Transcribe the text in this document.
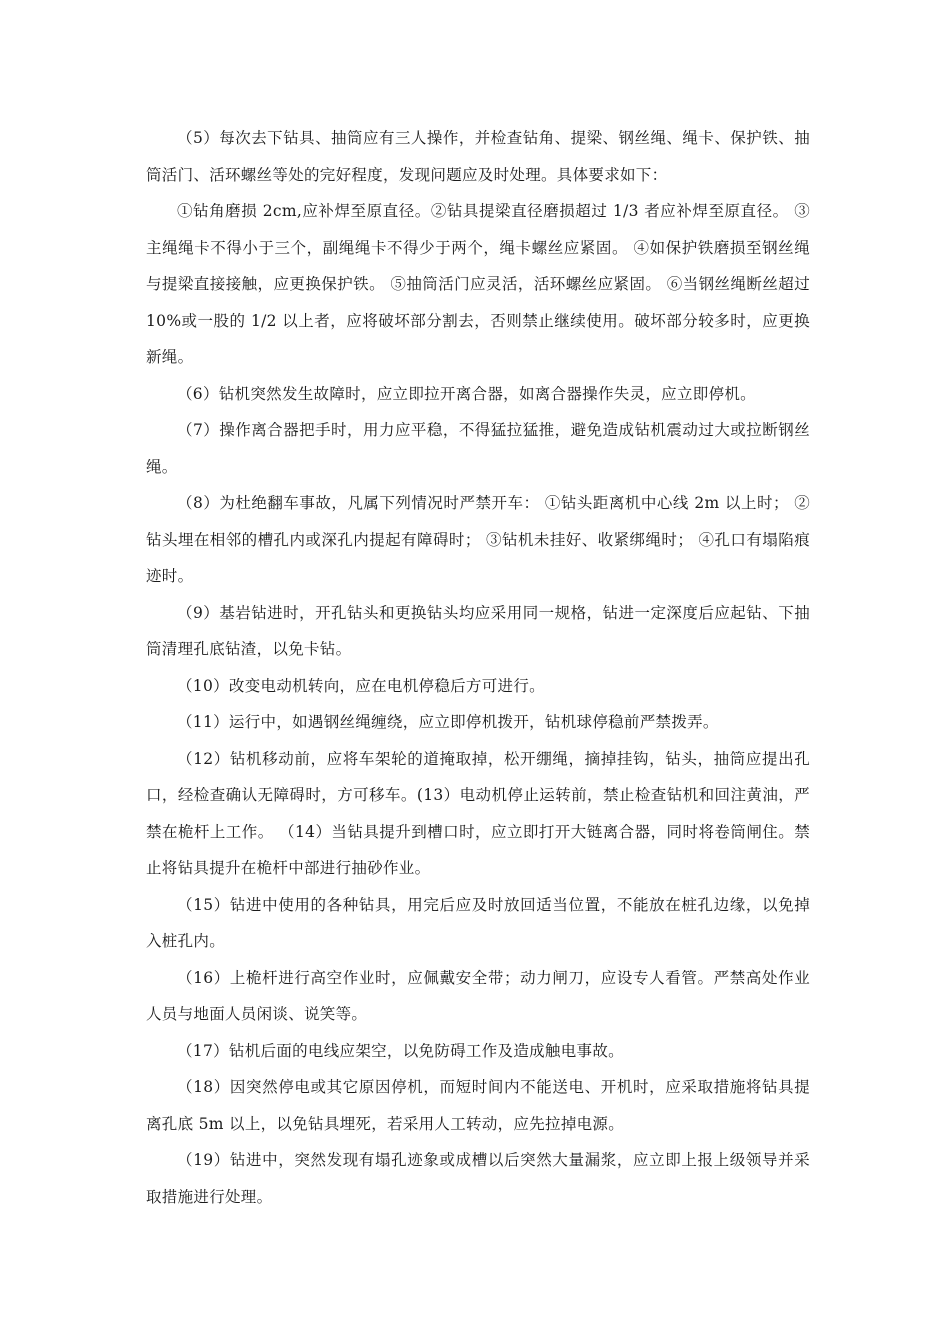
（5）每次去下钻具、抽筒应有三人操作，并检查钻角、提梁、钢丝绳、绳卡、保护铁、抽筒活门、活环螺丝等处的完好程度，发现问题应及时处理。具体要求如下：

①钻角磨损 2cm,应补焊至原直径。②钻具提梁直径磨损超过 1/3 者应补焊至原直径。 ③主绳绳卡不得小于三个，副绳绳卡不得少于两个，绳卡螺丝应紧固。 ④如保护铁磨损至钢丝绳与提梁直接接触，应更换保护铁。 ⑤抽筒活门应灵活，活环螺丝应紧固。 ⑥当钢丝绳断丝超过 10%或一股的 1/2 以上者，应将破坏部分割去，否则禁止继续使用。破坏部分较多时，应更换新绳。

（6）钻机突然发生故障时，应立即拉开离合器，如离合器操作失灵，应立即停机。

（7）操作离合器把手时，用力应平稳，不得猛拉猛推，避免造成钻机震动过大或拉断钢丝绳。

（8）为杜绝翻车事故，凡属下列情况时严禁开车： ①钻头距离机中心线 2m 以上时； ②钻头埋在相邻的槽孔内或深孔内提起有障碍时； ③钻机未挂好、收紧绑绳时； ④孔口有塌陷痕迹时。

（9）基岩钻进时，开孔钻头和更换钻头均应采用同一规格，钻进一定深度后应起钻、下抽筒清理孔底钻渣，以免卡钻。

（10）改变电动机转向，应在电机停稳后方可进行。

（11）运行中，如遇钢丝绳缠绕，应立即停机拨开，钻机球停稳前严禁拨弄。

（12）钻机移动前，应将车架轮的道掩取掉，松开绷绳，摘掉挂钩，钻头，抽筒应提出孔口，经检查确认无障碍时，方可移车。(13）电动机停止运转前，禁止检查钻机和回注黄油，严禁在桅杆上工作。 （14）当钻具提升到槽口时，应立即打开大链离合器，同时将卷筒闸住。禁止将钻具提升在桅杆中部进行抽砂作业。

（15）钻进中使用的各种钻具，用完后应及时放回适当位置，不能放在桩孔边缘，以免掉入桩孔内。

（16）上桅杆进行高空作业时，应佩戴安全带；动力闸刀，应设专人看管。严禁高处作业人员与地面人员闲谈、说笑等。

（17）钻机后面的电线应架空，以免防碍工作及造成触电事故。

（18）因突然停电或其它原因停机，而短时间内不能送电、开机时，应采取措施将钻具提离孔底 5m 以上，以免钻具埋死，若采用人工转动，应先拉掉电源。

（19）钻进中，突然发现有塌孔迹象或成槽以后突然大量漏浆，应立即上报上级领导并采取措施进行处理。
